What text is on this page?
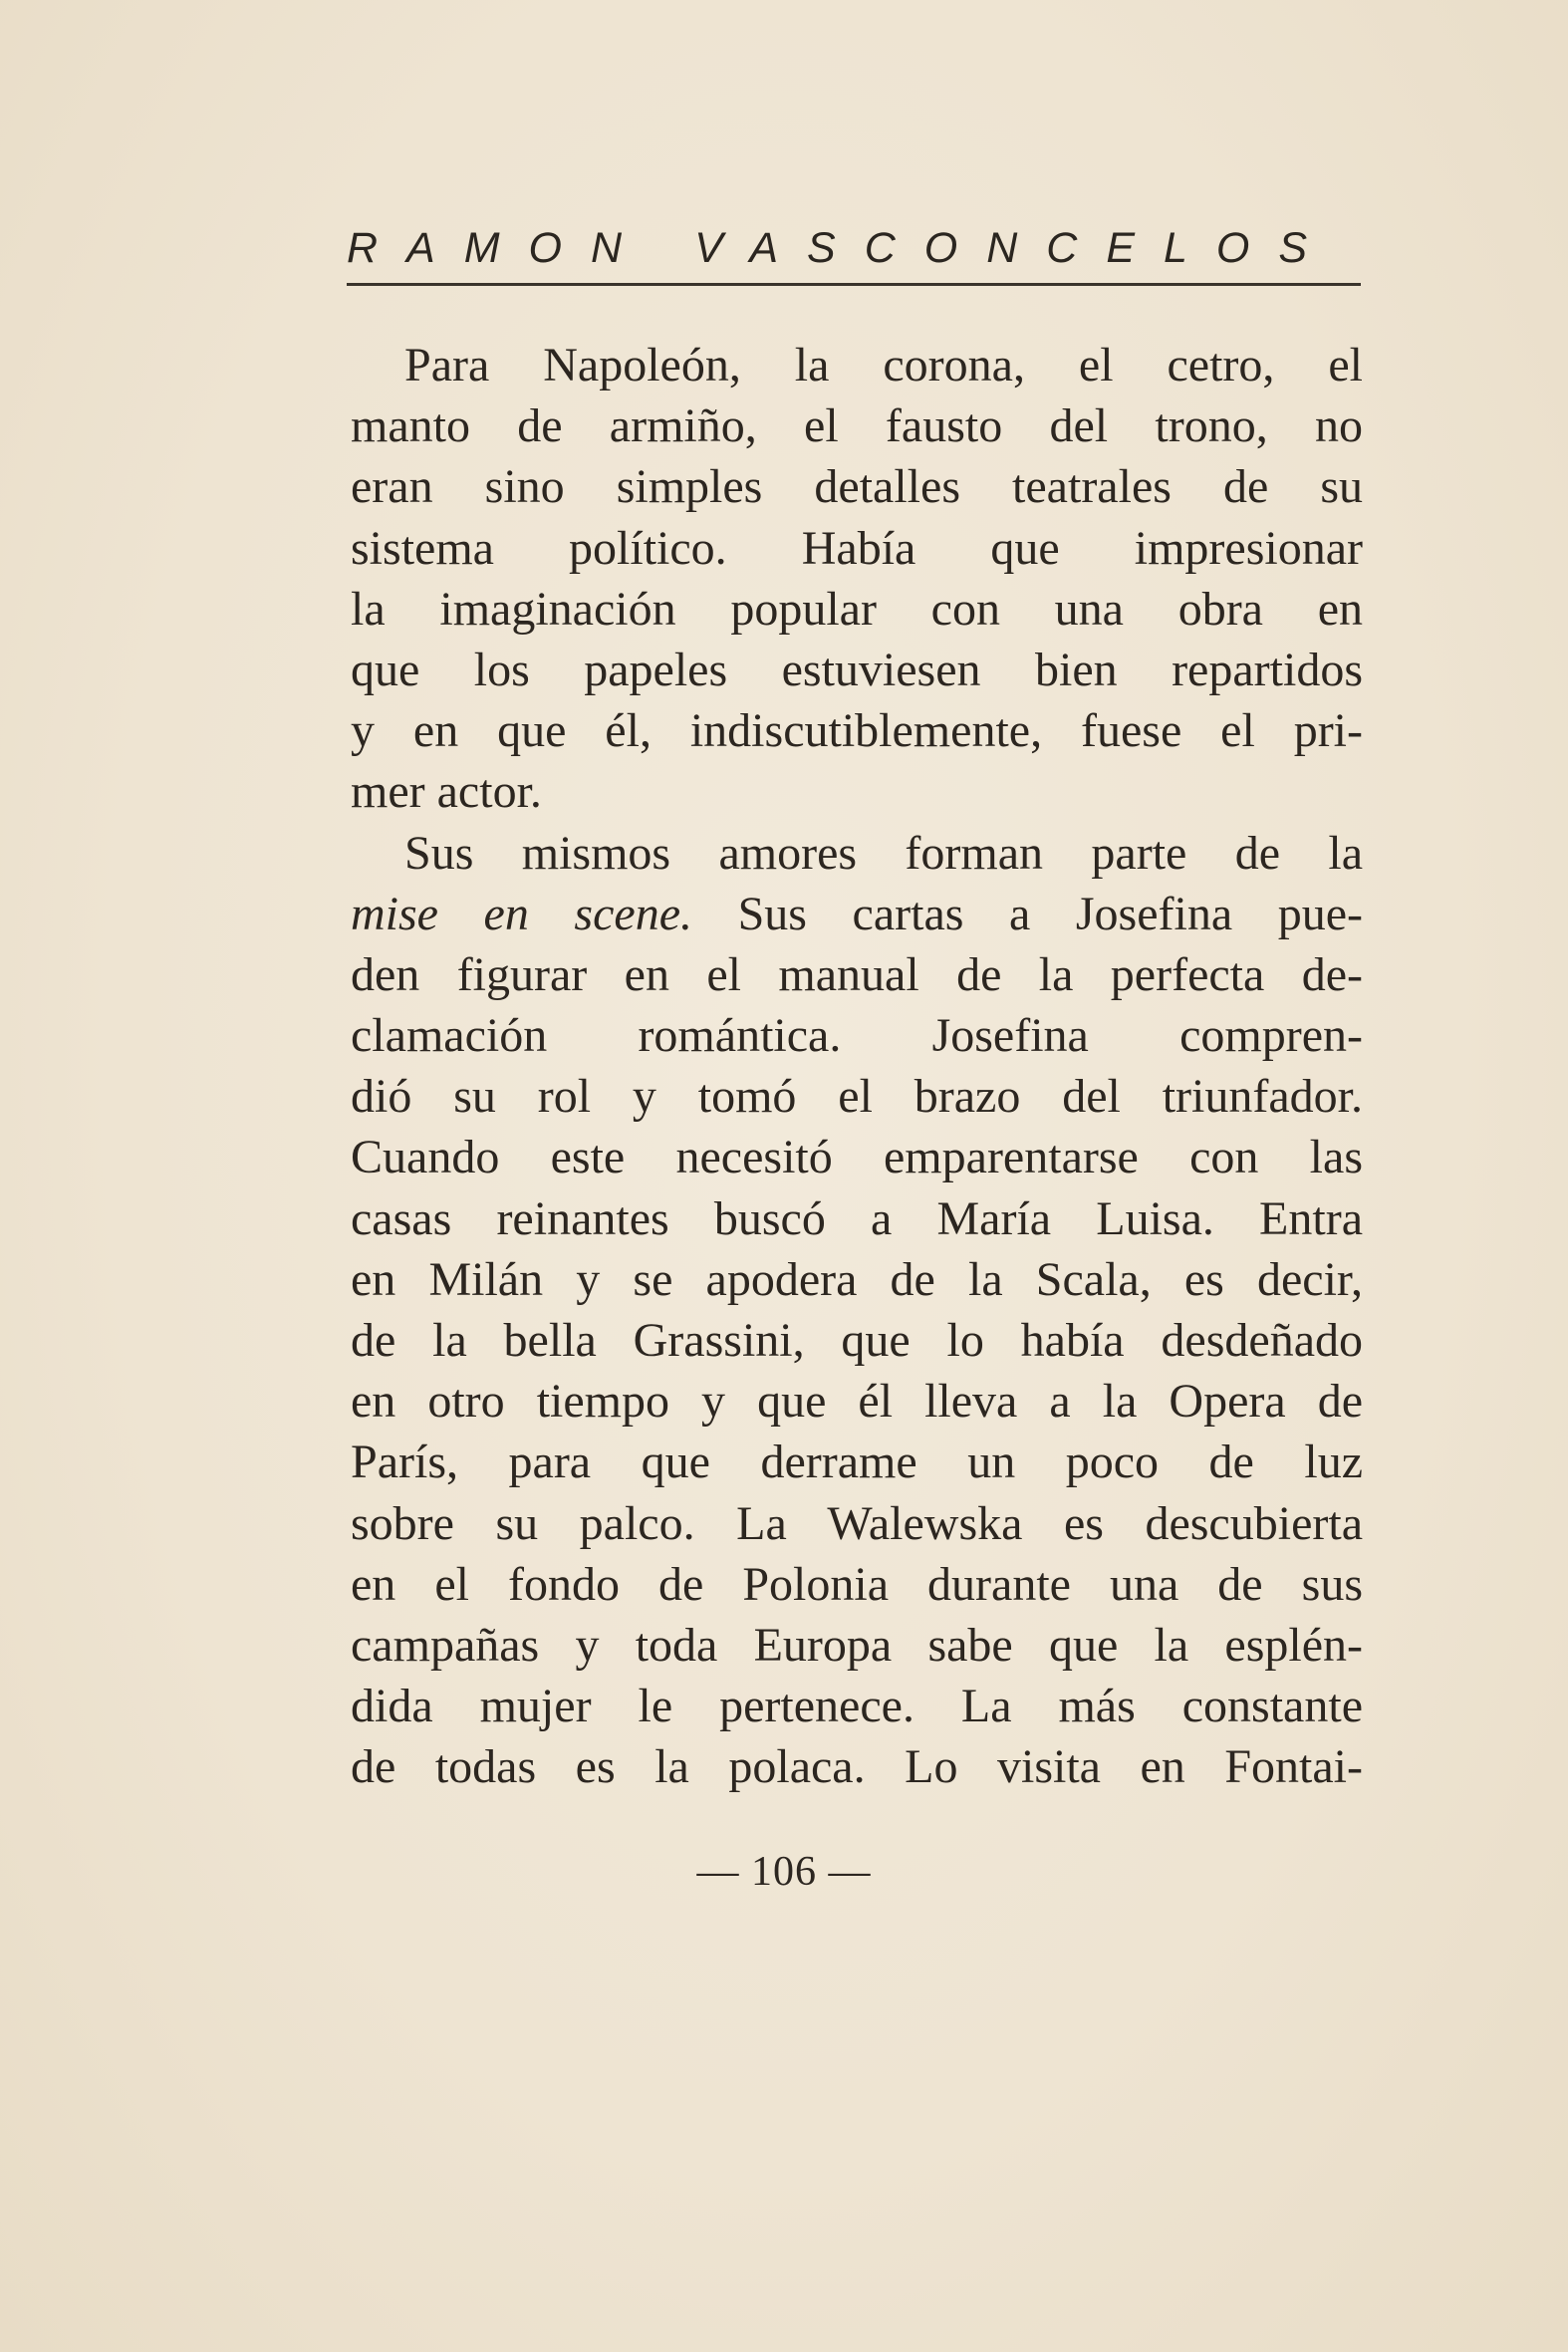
RAMON VASCONCELOS
Para Napoleón, la corona, el cetro, el
manto de armiño, el fausto del trono, no
eran sino simples detalles teatrales de su
sistema político. Había que impresionar
la imaginación popular con una obra en
que los papeles estuviesen bien repartidos
y en que él, indiscutiblemente, fuese el pri-
mer actor.
Sus mismos amores forman parte de la
mise en scene. Sus cartas a Josefina pue-
den figurar en el manual de la perfecta de-
clamación romántica. Josefina compren-
dió su rol y tomó el brazo del triunfador.
Cuando este necesitó emparentarse con las
casas reinantes buscó a María Luisa. Entra
en Milán y se apodera de la Scala, es decir,
de la bella Grassini, que lo había desdeñado
en otro tiempo y que él lleva a la Opera de
París, para que derrame un poco de luz
sobre su palco. La Walewska es descubierta
en el fondo de Polonia durante una de sus
campañas y toda Europa sabe que la esplén-
dida mujer le pertenece. La más constante
de todas es la polaca. Lo visita en Fontai-
— 106 —
